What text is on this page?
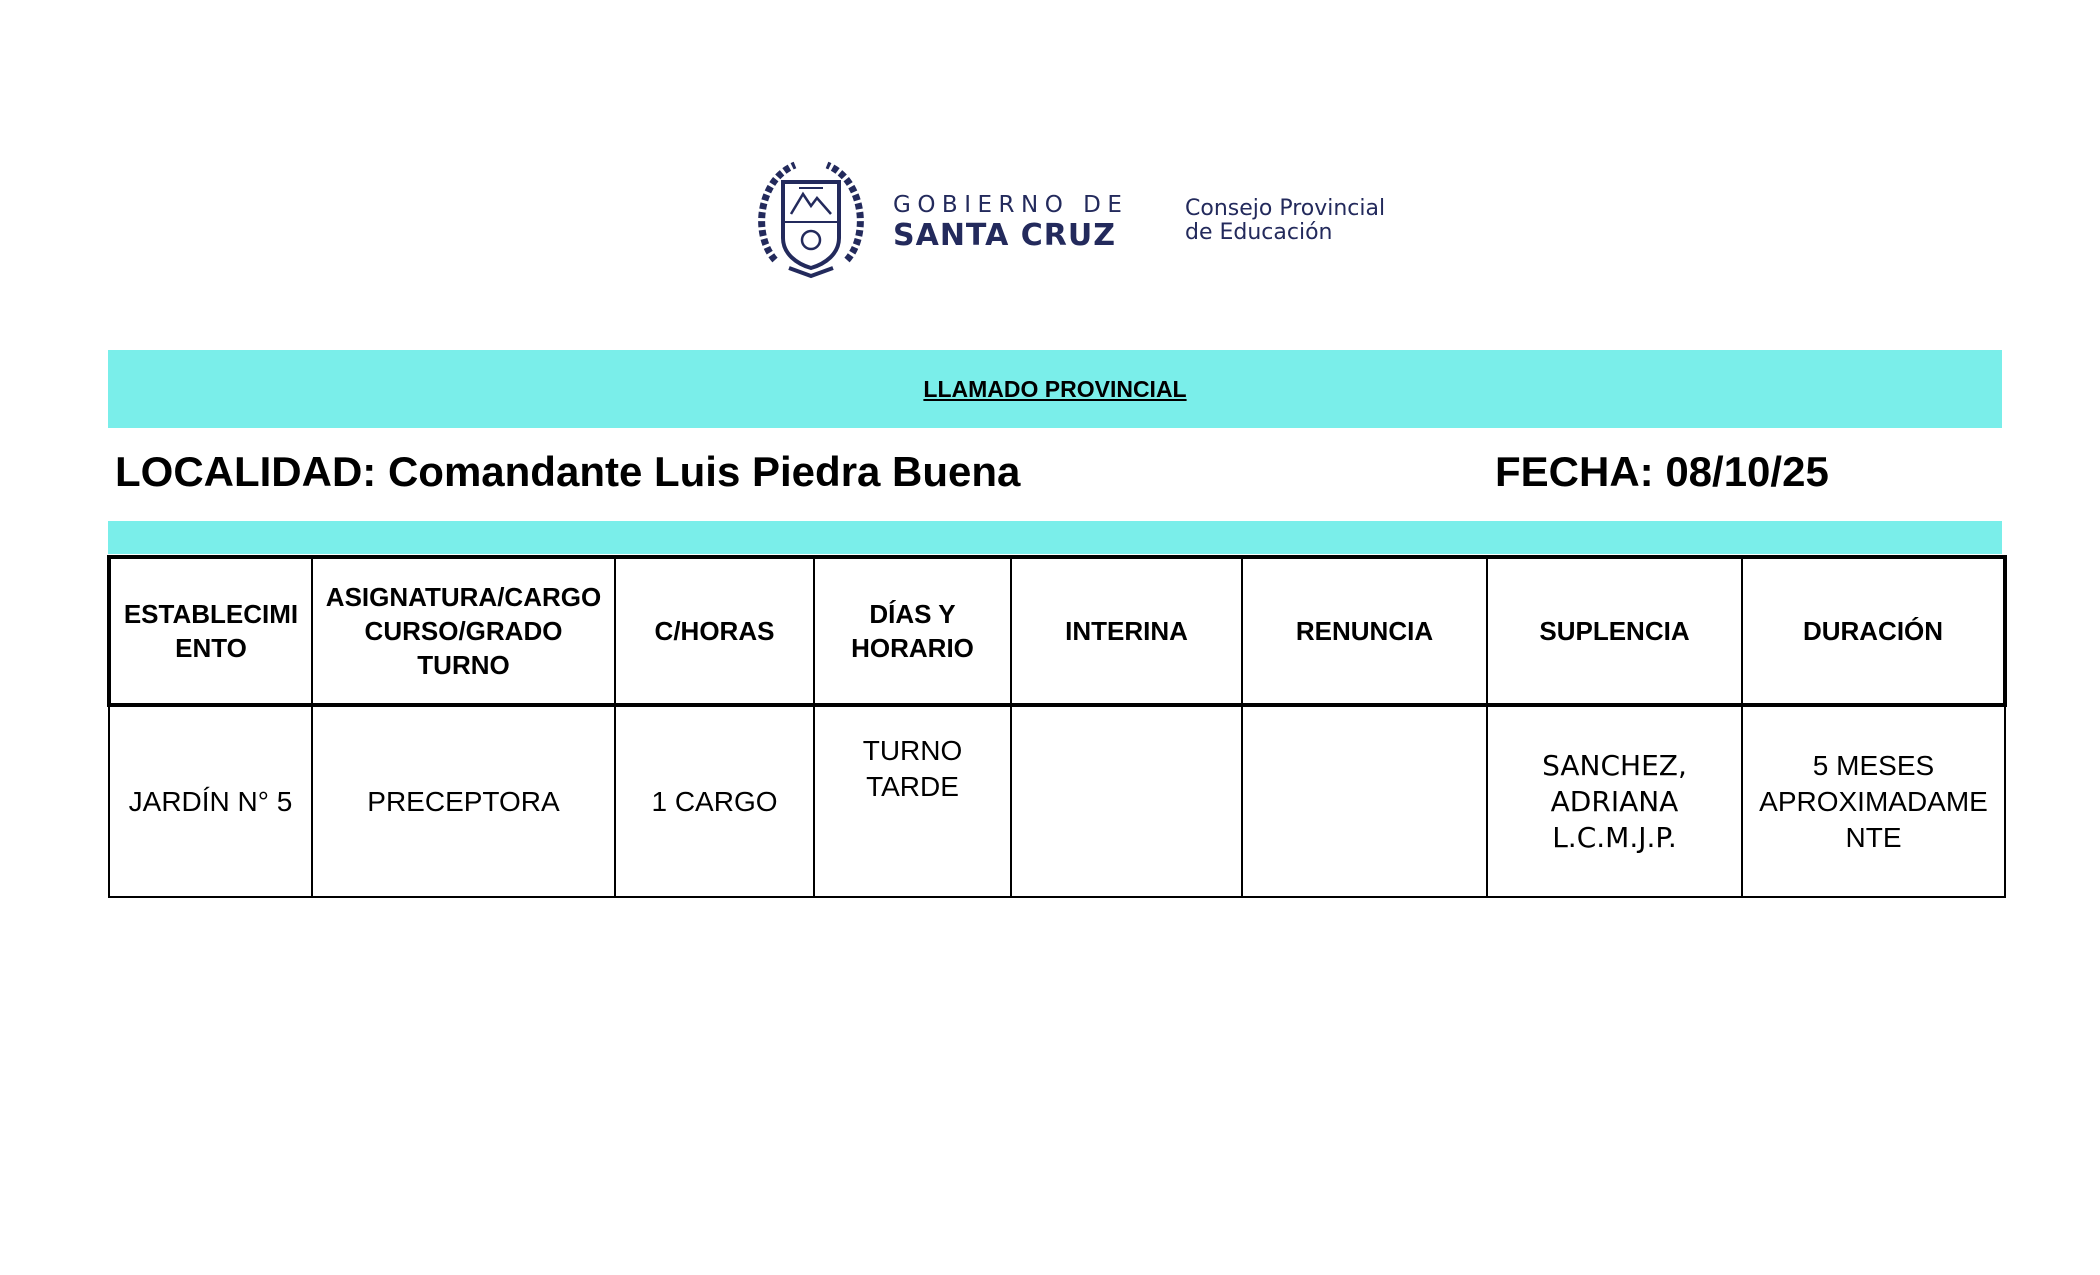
GOBIERNO DE
SANTA CRUZ
Consejo Provincial
de Educación
LLAMADO PROVINCIAL
LOCALIDAD: Comandante Luis Piedra Buena	FECHA: 08/10/25
ESTABLECIMI
ENTO	ASIGNATURA/CARGO
CURSO/GRADO
TURNO	C/HORAS	DÍAS Y
HORARIO	INTERINA	RENUNCIA	SUPLENCIA	DURACIÓN

JARDÍN N° 5	PRECEPTORA	1 CARGO	TURNO
TARDE			SANCHEZ, ADRIANA
L.C.M.J.P.	5 MESES
APROXIMADAME
NTE
